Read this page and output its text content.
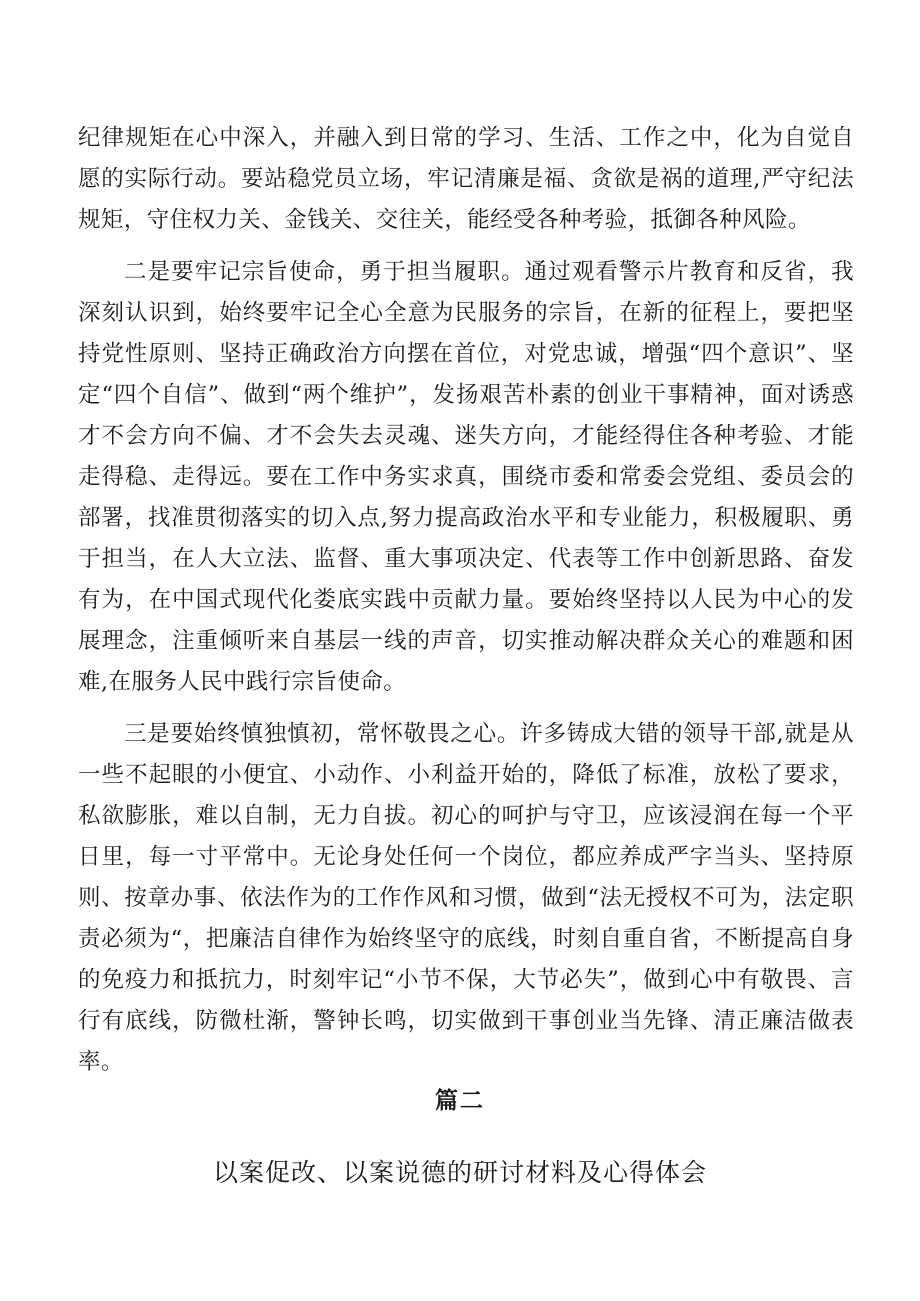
纪律规矩在心中深入，并融入到日常的学习、生活、工作之中，化为自觉自愿的实际行动。要站稳党员立场，牢记清廉是福、贪欲是祸的道理,严守纪法规矩，守住权力关、金钱关、交往关，能经受各种考验，抵御各种风险。

二是要牢记宗旨使命，勇于担当履职。通过观看警示片教育和反省，我深刻认识到，始终要牢记全心全意为民服务的宗旨，在新的征程上，要把坚持党性原则、坚持正确政治方向摆在首位，对党忠诚，增强“四个意识”、坚定“四个自信”、做到“两个维护”，发扬艰苦朴素的创业干事精神，面对诱惑才不会方向不偏、才不会失去灵魂、迷失方向，才能经得住各种考验、才能走得稳、走得远。要在工作中务实求真，围绕市委和常委会党组、委员会的部署，找准贯彻落实的切入点,努力提高政治水平和专业能力，积极履职、勇于担当，在人大立法、监督、重大事项决定、代表等工作中创新思路、奋发有为，在中国式现代化娄底实践中贡献力量。要始终坚持以人民为中心的发展理念，注重倾听来自基层一线的声音，切实推动解决群众关心的难题和困难,在服务人民中践行宗旨使命。

三是要始终慎独慎初，常怀敬畏之心。许多铸成大错的领导干部,就是从一些不起眼的小便宜、小动作、小利益开始的，降低了标准，放松了要求，私欲膨胀，难以自制，无力自拔。初心的呵护与守卫，应该浸润在每一个平日里，每一寸平常中。无论身处任何一个岗位，都应养成严字当头、坚持原则、按章办事、依法作为的工作作风和习惯，做到“法无授权不可为，法定职责必须为“，把廉洁自律作为始终坚守的底线，时刻自重自省，不断提高自身的免疫力和抵抗力，时刻牢记“小节不保，大节必失”，做到心中有敬畏、言行有底线，防微杜渐，警钟长鸣，切实做到干事创业当先锋、清正廉洁做表率。

篇二
以案促改、以案说德的研讨材料及心得体会
